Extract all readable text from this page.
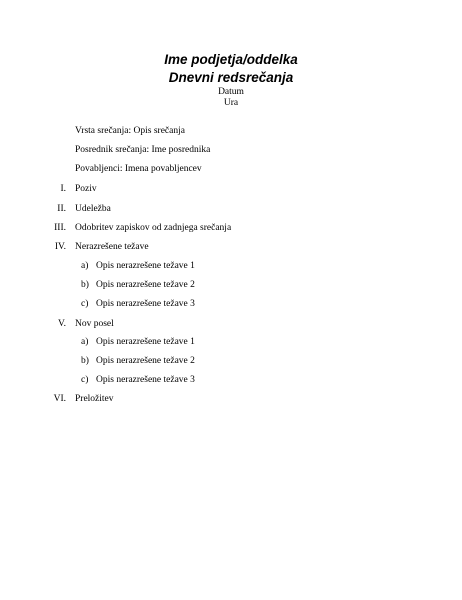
Ime podjetja/oddelka
Dnevni redsrečanja
Datum
Ura
Vrsta srečanja: Opis srečanja
Posrednik srečanja: Ime posrednika
Povabljenci: Imena povabljencev
I. Poziv
II. Udeležba
III. Odobritev zapiskov od zadnjega srečanja
IV. Nerazrešene težave
a) Opis nerazrešene težave 1
b) Opis nerazrešene težave 2
c) Opis nerazrešene težave 3
V. Nov posel
a) Opis nerazrešene težave 1
b) Opis nerazrešene težave 2
c) Opis nerazrešene težave 3
VI. Preložitev
